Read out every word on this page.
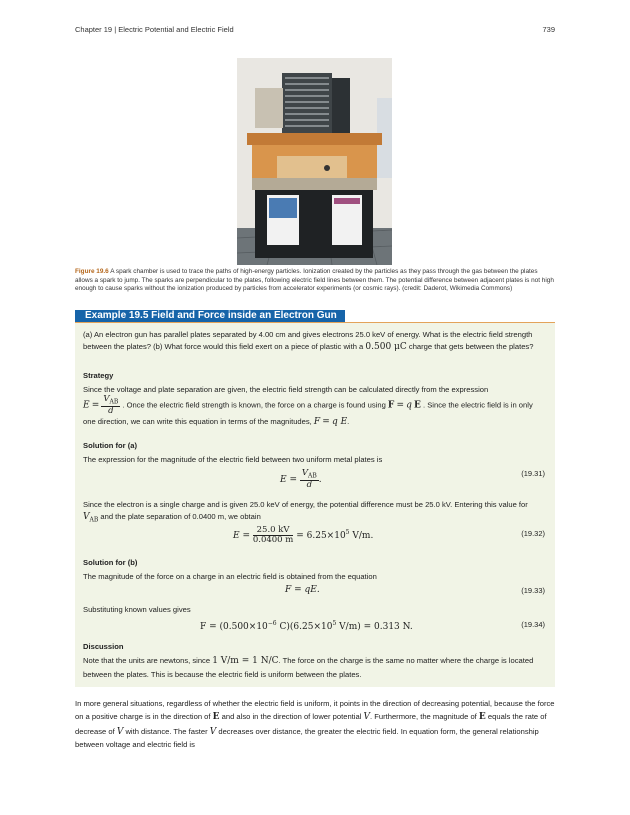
Chapter 19 | Electric Potential and Electric Field	739
Figure 19.6 A spark chamber is used to trace the paths of high-energy particles. Ionization created by the particles as they pass through the gas between the plates allows a spark to jump. The sparks are perpendicular to the plates, following electric field lines between them. The potential difference between adjacent plates is not high enough to cause sparks without the ionization produced by particles from accelerator experiments (or cosmic rays). (credit: Daderot, Wikimedia Commons)
Example 19.5 Field and Force inside an Electron Gun

(a) An electron gun has parallel plates separated by 4.00 cm and gives electrons 25.0 keV of energy. What is the electric field strength between the plates? (b) What force would this field exert on a piece of plastic with a 0.500 μC charge that gets between the plates?

Strategy

Since the voltage and plate separation are given, the electric field strength can be calculated directly from the expression

$E = \frac{V_{AB}}{d}$ . Once the electric field strength is known, the force on a charge is found using F = q E . Since the electric field is in only one direction, we can write this equation in terms of the magnitudes, F = q E.

Solution for (a)

The expression for the magnitude of the electric field between two uniform metal plates is

$E = \frac{V_{AB}}{d}$ .
(19.31)

Since the electron is a single charge and is given 25.0 keV of energy, the potential difference must be 25.0 kV. Entering this value for $V_{AB}$ and the plate separation of 0.0400 m, we obtain

$E = \frac{25.0 kV}{0.0400 m} = 6.25\times 10^5$ V/m.	(19.32)
Solution for (b)

The magnitude of the force on a charge in an electric field is obtained from the equation

F = qE.	(19.33)

Substituting known values gives

$F = (0.500\times 10^{-6}$ $C)(6.25\times 10^5$ V/m) = 0.313 N.	(19.34)
Discussion

Note that the units are newtons, since 1 V/m = 1 N/C. The force on the charge is the same no matter where the charge is located between the plates. This is because the electric field is uniform between the plates.

In more general situations, regardless of whether the electric field is uniform, it points in the direction of decreasing potential, because the force on a positive charge is in the direction of E and also in the direction of lower potential V. Furthermore, the magnitude of E equals the rate of decrease of V with distance. The faster V decreases over distance, the greater the electric field. In equation form, the general relationship between voltage and electric field is
